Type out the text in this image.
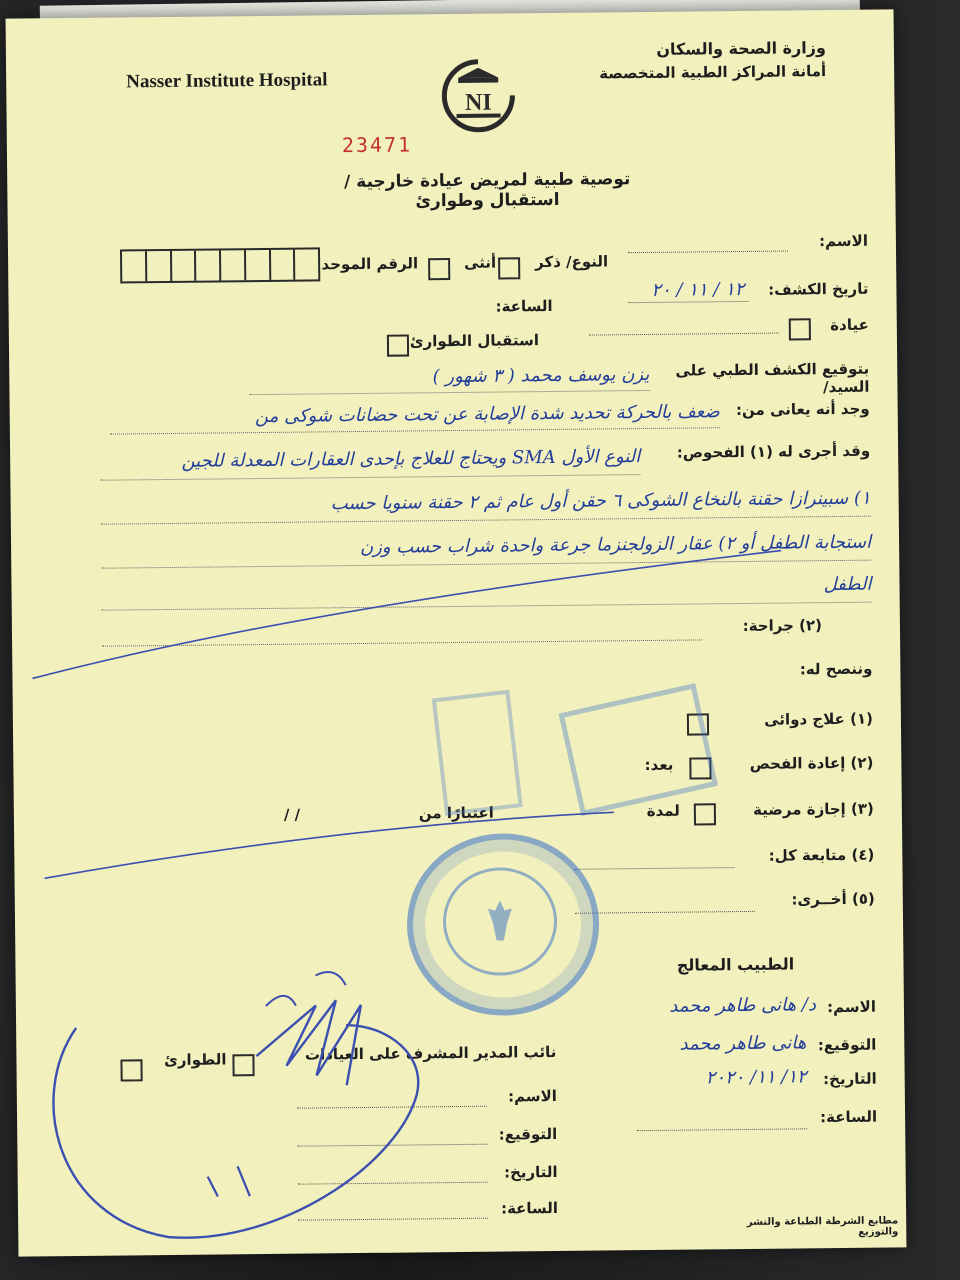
Nasser Institute Hospital
NI
وزارة الصحة والسكان
أمانة المراكز الطبية المتخصصة
23471
توصية طبية لمريض عيادة خارجية / استقبال وطوارئ
الاسم:
النوع/ ذكر
أنثى
الرقم الموحد
تاريخ الكشف:
١٢ / ١١ / ٢٠
الساعة:
عيادة
استقبال الطوارئ
بتوقيع الكشف الطبي على السيد/
يزن يوسف محمد ( ٣ شهور )
وجد أنه يعانى من:
ضعف بالحركة تحديد شدة الإصابة عن تحت حضانات شوكى من
وقد أجرى له (١) الفحوص:
النوع الأول SMA ويحتاج للعلاج بإحدى العقارات المعدلة للجين
١) سبينرازا حقنة بالنخاع الشوكى ٦ حقن أول عام ثم ٢ حقنة سنويا حسب
استجابة الطفل أو ٢) عقار الزولجنزما جرعة واحدة شراب حسب وزن
الطفل
(٢) جراحة:
وننصح له:
(١) علاج دوائى
(٢) إعادة الفحص
بعد:
(٣) إجازة مرضية
لمدة
اعتبارًا من
/ /
(٤) متابعة كل:
(٥) أخــرى:
الطبيب المعالج
الاسم:
د/ هانى طاهر محمد
التوقيع:
هانى طاهر محمد
التاريخ:
١٢/ ١١/ ٢٠٢٠
الساعة:
نائب المدير المشرف على العيادات
الطوارئ
الاسم:
التوقيع:
التاريخ:
الساعة:
مطابع الشرطة الطباعة والنشر والتوزيع
